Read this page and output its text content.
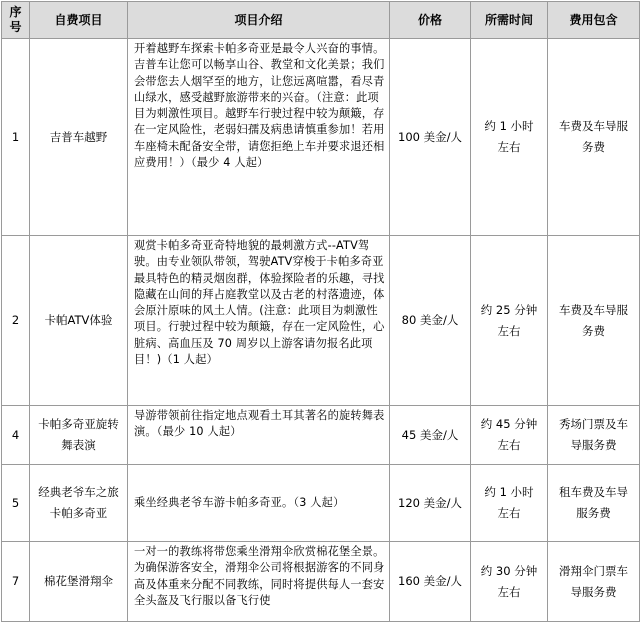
序号	自费项目	项目介绍	价格	所需时间	费用包含
1	吉普车越野	开着越野车探索卡帕多奇亚是最令人兴奋的事情。吉普车让您可以畅享山谷、教堂和文化美景；我们会带您去人烟罕至的地方，让您远离喧嚣，看尽青山绿水，感受越野旅游带来的兴奋。（注意：此项目为刺激性项目。越野车行驶过程中较为颠簸，存在一定风险性，老弱妇孺及病患请慎重参加！若用车座椅未配备安全带，请您拒绝上车并要求退还相应费用！）（最少 4 人起）	100 美金/人	约 1 小时左右	车费及车导服务费
2	卡帕ATV体验	观赏卡帕多奇亚奇特地貌的最刺激方式--ATV驾驶。由专业领队带领，驾驶ATV穿梭于卡帕多奇亚最具特色的精灵烟囱群，体验探险者的乐趣，寻找隐藏在山间的拜占庭教堂以及古老的村落遗迹，体会原汁原味的风土人情。(注意：此项目为刺激性项目。行驶过程中较为颠簸，存在一定风险性，心脏病、高血压及 70 周岁以上游客请勿报名此项目！)（1 人起）	80 美金/人	约 25 分钟左右	车费及车导服务费
4	卡帕多奇亚旋转舞表演	导游带领前往指定地点观看土耳其著名的旋转舞表演。（最少 10 人起）	45 美金/人	约 45 分钟左右	秀场门票及车导服务费
5	经典老爷车之旅卡帕多奇亚	乘坐经典老爷车游卡帕多奇亚。（3 人起）	120 美金/人	约 1 小时左右	租车费及车导服务费
7	棉花堡滑翔伞	一对一的教练将带您乘坐滑翔伞欣赏棉花堡全景。为确保游客安全，滑翔伞公司将根据游客的不同身高及体重来分配不同教练，同时将提供每人一套安全头盔及飞行服以备飞行使	160 美金/人	约 30 分钟左右	滑翔伞门票车导服务费
